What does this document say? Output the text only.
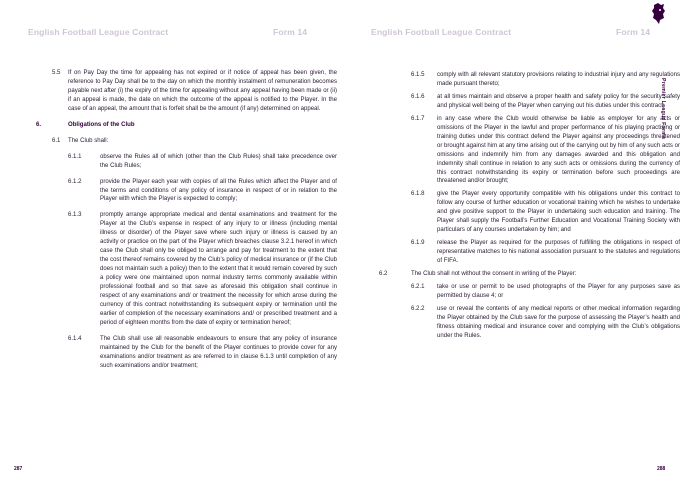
English Football League Contract	Form 14	English Football League Contract	Form 14
Premier League Forms
5.5 If on Pay Day the time for appealing has not expired or if notice of appeal has been given, the reference to Pay Day shall be to the day on which the monthly instalment of remuneration becomes payable next after (i) the expiry of the time for appealing without any appeal having been made or (ii) if an appeal is made, the date on which the outcome of the appeal is notified to the Player. In the case of an appeal, the amount that is forfeit shall be the amount (if any) determined on appeal.
6.	Obligations of the Club
6.1 The Club shall:
6.1.1	observe the Rules all of which (other than the Club Rules) shall take precedence over the Club Rules;
6.1.2	provide the Player each year with copies of all the Rules which affect the Player and of the terms and conditions of any policy of insurance in respect of or in relation to the Player with which the Player is expected to comply;
6.1.3	promptly arrange appropriate medical and dental examinations and treatment for the Player at the Club’s expense in respect of any injury to or illness (including mental illness or disorder) of the Player save where such injury or illness is caused by an activity or practice on the part of the Player which breaches clause 3.2.1 hereof in which case the Club shall only be obliged to arrange and pay for treatment to the extent that the cost thereof remains covered by the Club’s policy of medical insurance or (if the Club does not maintain such a policy) then to the extent that it would remain covered by such a policy were one maintained upon normal industry terms commonly available within professional football and so that save as aforesaid this obligation shall continue in respect of any examinations and/ or treatment the necessity for which arose during the currency of this contract notwithstanding its subsequent expiry or termination until the earlier of completion of the necessary examinations and/ or prescribed treatment and a period of eighteen months from the date of expiry or termination hereof;
6.1.4	The Club shall use all reasonable endeavours to ensure that any policy of insurance maintained by the Club for the benefit of the Player continues to provide cover for any examinations and/or treatment as are referred to in clause 6.1.3 until completion of any such examinations and/or treatment;
6.1.5 comply with all relevant statutory provisions relating to industrial injury and any regulations made pursuant thereto;
6.1.6 at all times maintain and observe a proper health and safety policy for the security safety and physical well being of the Player when carrying out his duties under this contract;
6.1.7 in any case where the Club would otherwise be liable as employer for any acts or omissions of the Player in the lawful and proper performance of his playing practising or training duties under this contract defend the Player against any proceedings threatened or brought against him at any time arising out of the carrying out by him of any such acts or omissions and indemnify him from any damages awarded and this obligation and indemnity shall continue in relation to any such acts or omissions during the currency of this contract notwithstanding its expiry or termination before such proceedings are threatened and/or brought;
6.1.8 give the Player every opportunity compatible with his obligations under this contract to follow any course of further education or vocational training which he wishes to undertake and give positive support to the Player in undertaking such education and training. The Player shall supply the Football’s Further Education and Vocational Training Society with particulars of any courses undertaken by him; and
6.1.9 release the Player as required for the purposes of fulfilling the obligations in respect of representative matches to his national association pursuant to the statutes and regulations of FIFA.
6.2	The Club shall not without the consent in writing of the Player:
6.2.1 take or use or permit to be used photographs of the Player for any purposes save as permitted by clause 4; or
6.2.2 use or reveal the contents of any medical reports or other medical information regarding the Player obtained by the Club save for the purpose of assessing the Player’s health and fitness obtaining medical and insurance cover and complying with the Club’s obligations under the Rules.
287	288
